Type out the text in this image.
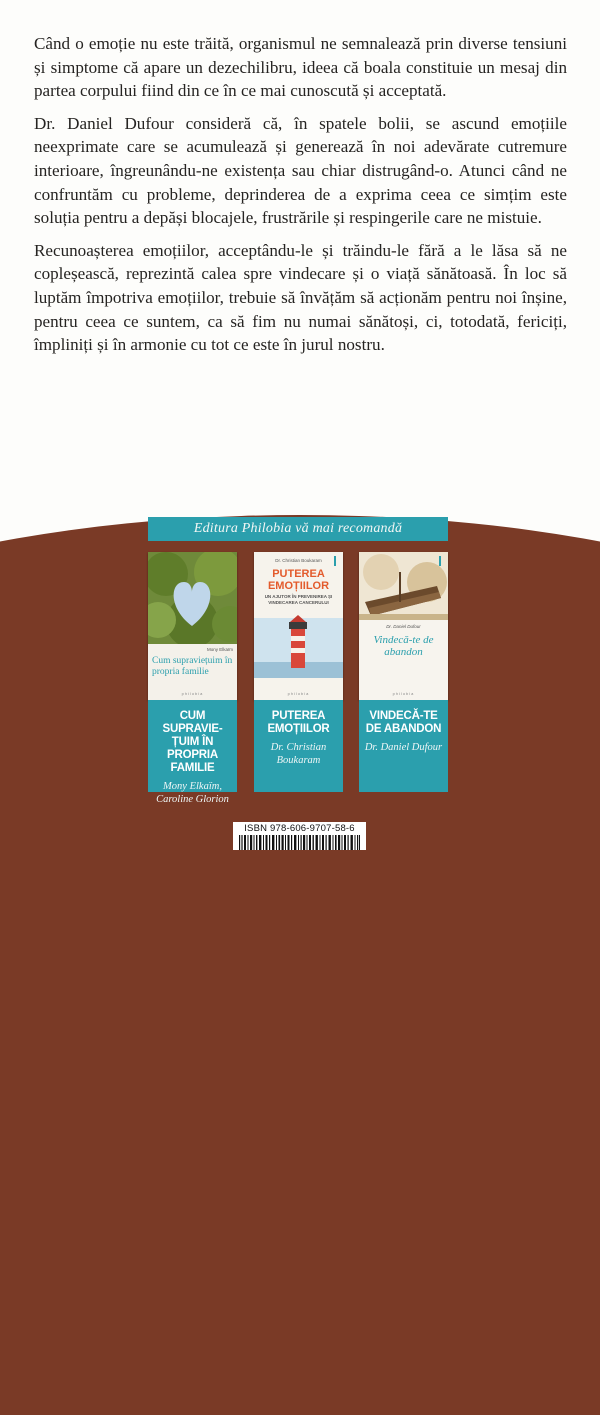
Când o emoție nu este trăită, organismul ne semnalează prin diverse tensiuni și simptome că apare un dezechilibru, ideea că boala constituie un mesaj din partea corpului fiind din ce în ce mai cunoscută și acceptată.

Dr. Daniel Dufour consideră că, în spatele bolii, se ascund emoțiile neexprimate care se acumulează și generează în noi adevărate cutremure interioare, îngreunându-ne existența sau chiar distrugând-o. Atunci când ne confruntăm cu probleme, deprinderea de a exprima ceea ce simțim este soluția pentru a depăși blocajele, frustrările și respingerile care ne mistuie.

Recunoașterea emoțiilor, acceptându-le și trăindu-le fără a le lăsa să ne copleșească, reprezintă calea spre vindecare și o viață sănătoasă. În loc să luptăm împotriva emoțiilor, trebuie să învățăm să acționăm pentru noi înșine, pentru ceea ce suntem, ca să fim nu numai sănătoși, ci, totodată, fericiți, împliniți și în armonie cu tot ce este în jurul nostru.

Editura Philobia vă mai recomandă
Mony Elkaïm
Cum supraviețuim în propria familie
philobia
CUM SUPRAVIE-ȚUIM ÎN PROPRIA FAMILIE
Mony Elkaïm, Caroline Glorion
Dr. Christian Boukaram
PUTEREA EMOȚIILOR
UN AJUTOR ÎN PREVENIREA ȘI VINDECAREA CANCERULUI
philobia
PUTEREA EMOȚIILOR
Dr. Christian Boukaram
Dr. Daniel Dufour
Vindecă-te de abandon
philobia
VINDECĂ-TE DE ABANDON
Dr. Daniel Dufour
ISBN 978-606-9707-58-6
